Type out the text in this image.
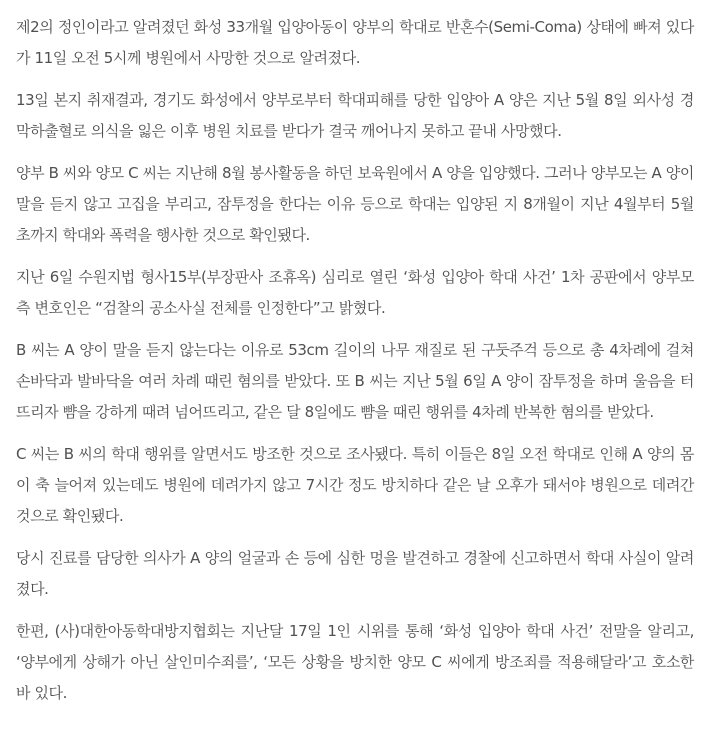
제2의 정인이라고 알려졌던 화성 33개월 입양아동이 양부의 학대로 반혼수(Semi-Coma) 상태에 빠져 있다가 11일 오전 5시께 병원에서 사망한 것으로 알려졌다.

13일 본지 취재결과, 경기도 화성에서 양부로부터 학대피해를 당한 입양아 A 양은 지난 5월 8일 외사성 경막하출혈로 의식을 잃은 이후 병원 치료를 받다가 결국 깨어나지 못하고 끝내 사망했다.

양부 B 씨와 양모 C 씨는 지난해 8월 봉사활동을 하던 보육원에서 A 양을 입양했다. 그러나 양부모는 A 양이 말을 듣지 않고 고집을 부리고, 잠투정을 한다는 이유 등으로 학대는 입양된 지 8개월이 지난 4월부터 5월 초까지 학대와 폭력을 행사한 것으로 확인됐다.

지난 6일 수원지법 형사15부(부장판사 조휴옥) 심리로 열린 ‘화성 입양아 학대 사건’ 1차 공판에서 양부모 측 변호인은 “검찰의 공소사실 전체를 인정한다”고 밝혔다.

B 씨는 A 양이 말을 듣지 않는다는 이유로 53cm 길이의 나무 재질로 된 구둣주걱 등으로 총 4차례에 걸쳐 손바닥과 발바닥을 여러 차례 때린 혐의를 받았다. 또 B 씨는 지난 5월 6일 A 양이 잠투정을 하며 울음을 터뜨리자 뺨을 강하게 때려 넘어뜨리고, 같은 달 8일에도 뺨을 때린 행위를 4차례 반복한 혐의를 받았다.

C 씨는 B 씨의 학대 행위를 알면서도 방조한 것으로 조사됐다. 특히 이들은 8일 오전 학대로 인해 A 양의 몸이 축 늘어져 있는데도 병원에 데려가지 않고 7시간 정도 방치하다 같은 날 오후가 돼서야 병원으로 데려간 것으로 확인됐다.

당시 진료를 담당한 의사가 A 양의 얼굴과 손 등에 심한 멍을 발견하고 경찰에 신고하면서 학대 사실이 알려졌다.

한편, (사)대한아동학대방지협회는 지난달 17일 1인 시위를 통해 ‘화성 입양아 학대 사건’ 전말을 알리고, ‘양부에게 상해가 아닌 살인미수죄를’, ‘모든 상황을 방치한 양모 C 씨에게 방조죄를 적용해달라’고 호소한 바 있다.
